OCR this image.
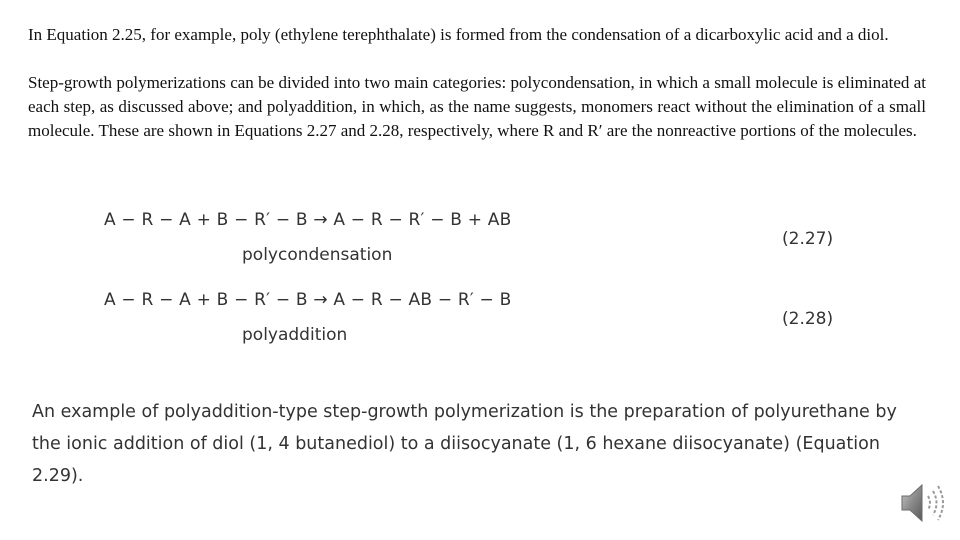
In Equation 2.25, for example, poly (ethylene terephthalate) is formed from the condensation of a dicarboxylic acid and a diol.

Step-growth polymerizations can be divided into two main categories: polycondensation, in which a small molecule is eliminated at each step, as discussed above; and polyaddition, in which, as the name suggests, monomers react without the elimination of a small molecule. These are shown in Equations 2.27 and 2.28, respectively, where R and R′ are the nonreactive portions of the molecules.

A − R − A + B − R′ − B → A − R − R′ − B + AB
polycondensation
(2.27)
A − R − A + B − R′ − B → A − R − AB − R′ − B
polyaddition
(2.28)

An example of polyaddition-type step-growth polymerization is the preparation of polyurethane by the ionic addition of diol (1, 4 butanediol) to a diisocyanate (1, 6 hexane diisocyanate) (Equation 2.29).
